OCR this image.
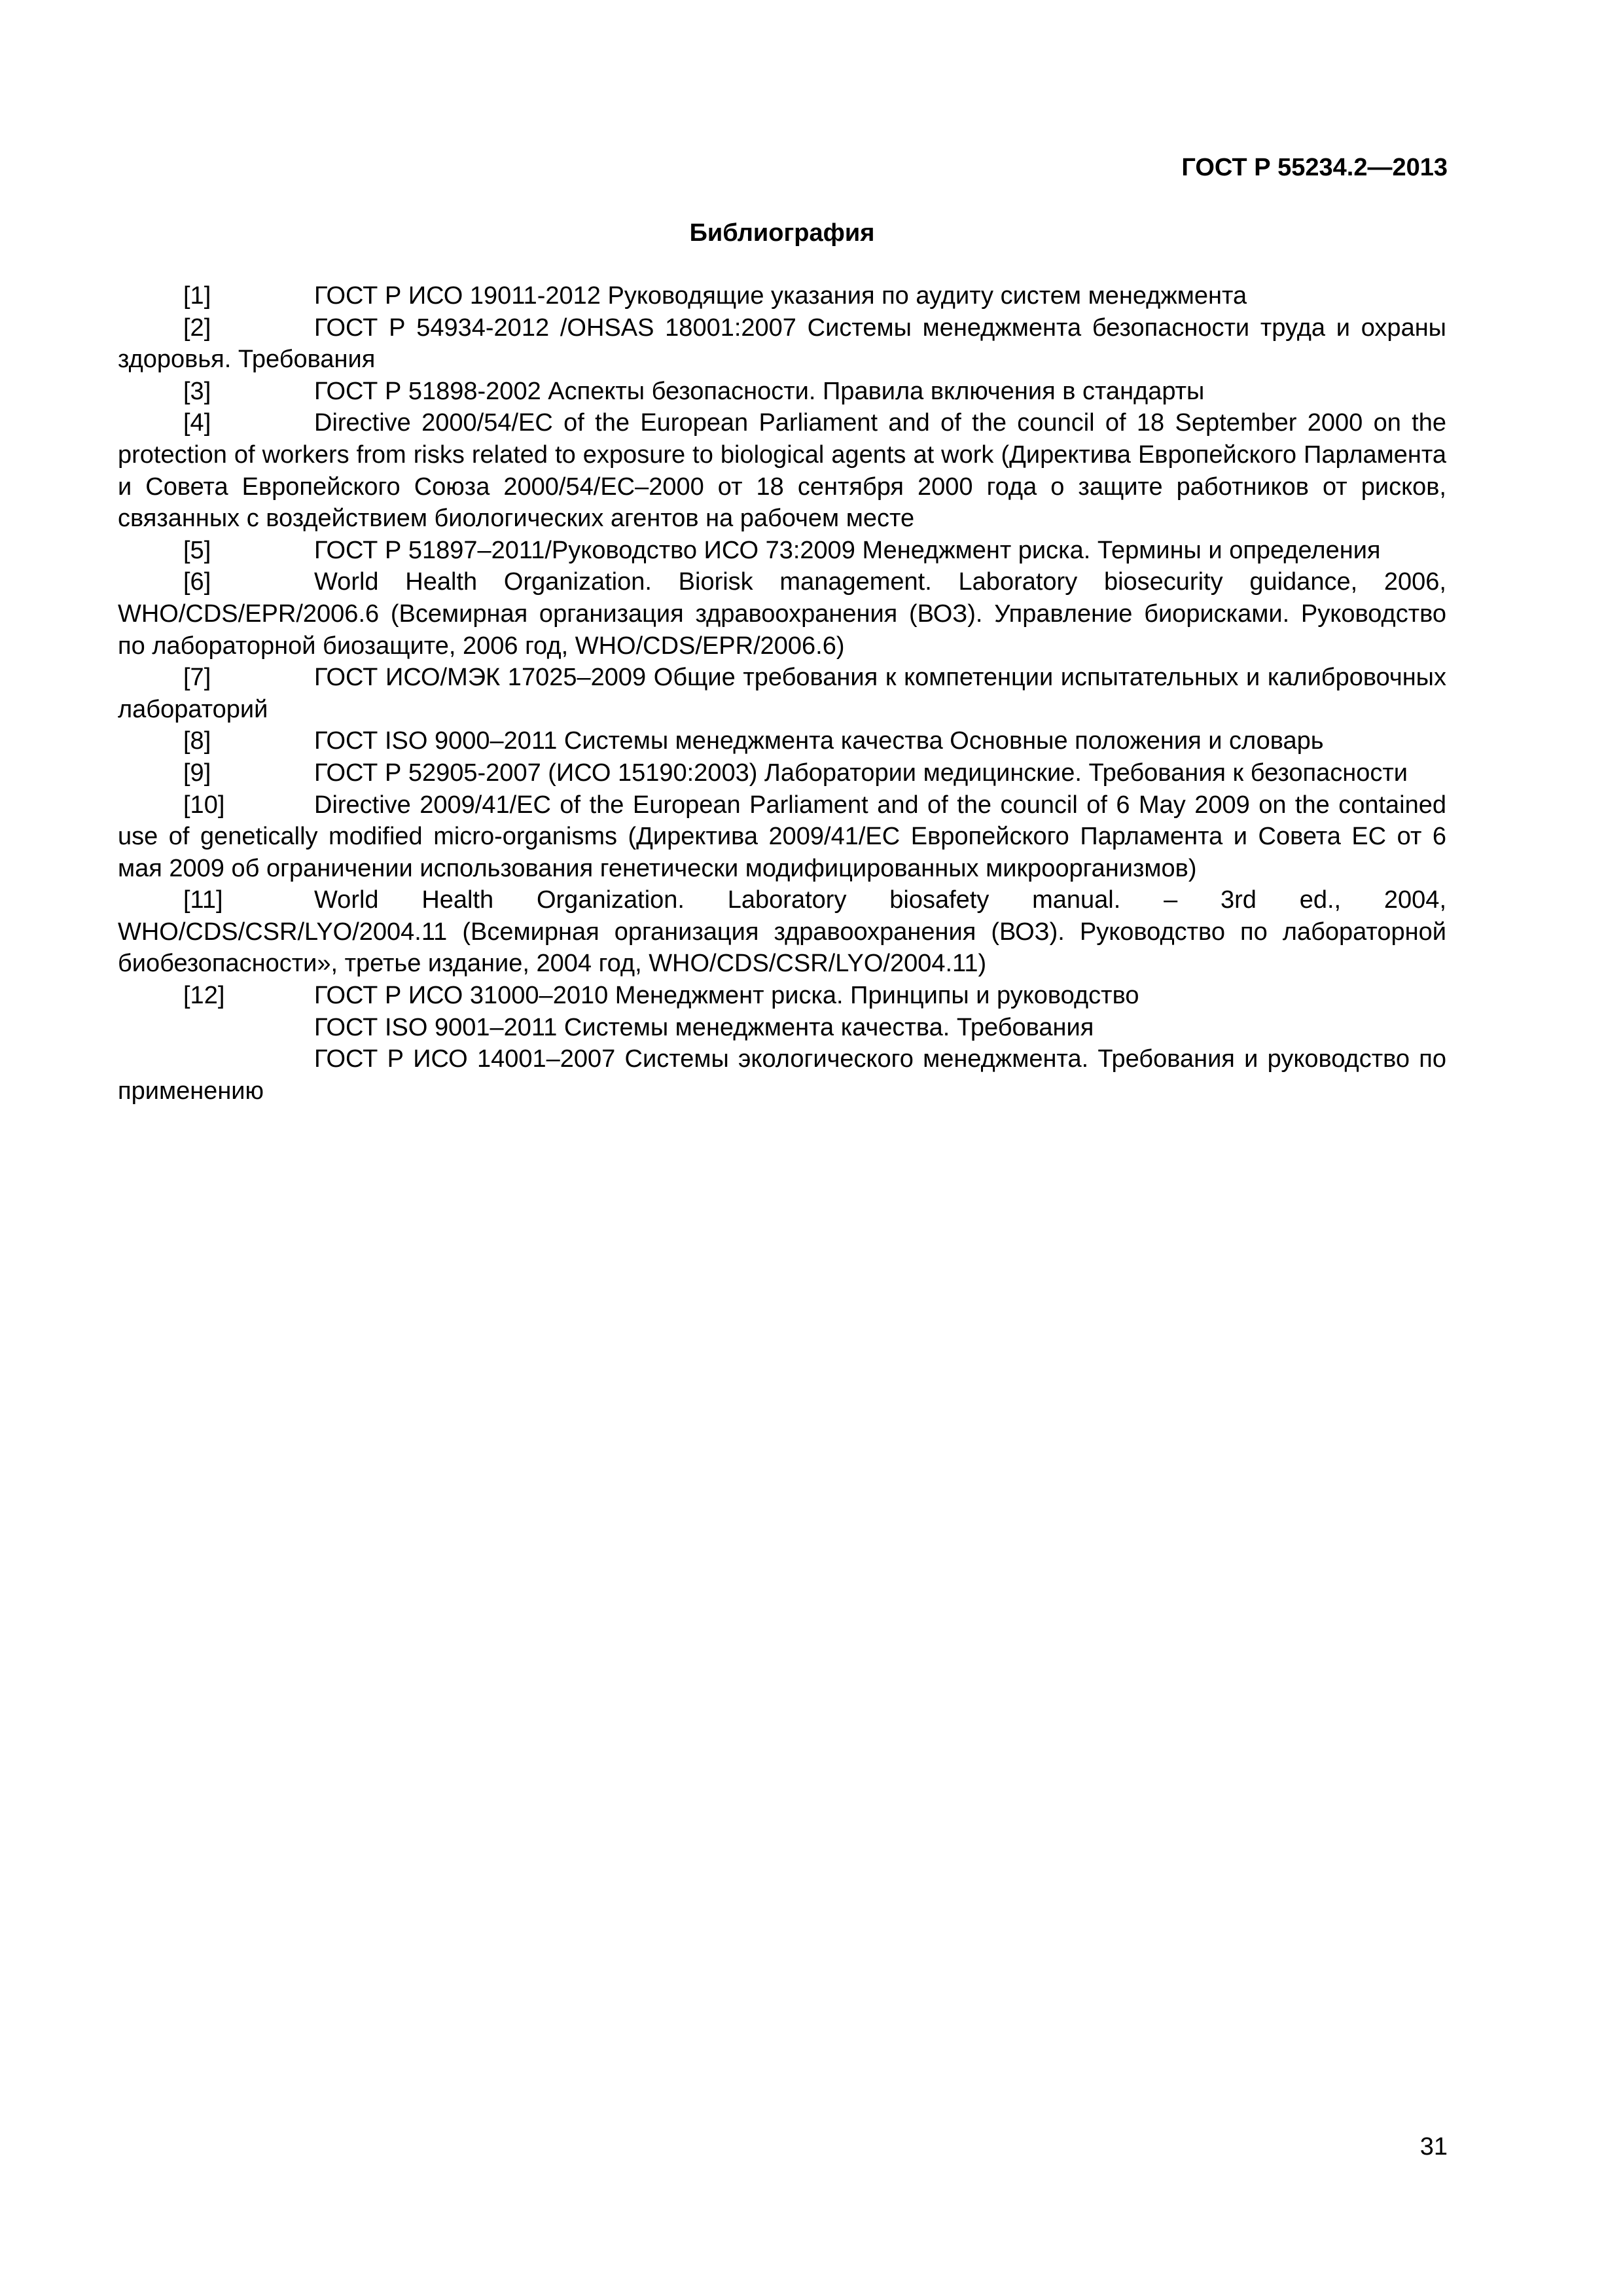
ГОСТ Р 55234.2—2013
Библиография

[1]	ГОСТ Р ИСО 19011-2012 Руководящие указания по аудиту систем менеджмента

[2]	ГОСТ Р 54934-2012 /OHSAS 18001:2007 Системы менеджмента безопасности труда и охраны здоровья. Требования

[3]	ГОСТ Р 51898-2002 Аспекты безопасности. Правила включения в стандарты

[4]	Directive 2000/54/EC of the European Parliament and of the council of 18 September 2000 on the protection of workers from risks related to exposure to biological agents at work (Директива Европейского Парламента и Совета Европейского Союза 2000/54/ЕС–2000 от 18 сентября 2000 года о защите работников от рисков, связанных с воздействием биологических агентов на рабочем месте

[5]	ГОСТ Р 51897–2011/Руководство ИСО 73:2009 Менеджмент риска. Термины и определения

[6]	World Health Organization. Biorisk management. Laboratory biosecurity guidance, 2006, WHO/CDS/EPR/2006.6 (Всемирная организация здравоохранения (ВОЗ). Управление биорисками. Руководство по лабораторной биозащите, 2006 год, WHO/CDS/EPR/2006.6)

[7]	ГОСТ ИСО/МЭК 17025–2009 Общие требования к компетенции испытательных и калибровочных лабораторий

[8]	ГОСТ ISO 9000–2011 Системы менеджмента качества Основные положения и словарь

[9]	ГОСТ Р 52905-2007 (ИСО 15190:2003) Лаборатории медицинские. Требования к безопасности

[10]	Directive 2009/41/EC of the European Parliament and of the council of 6 May 2009 on the contained use of genetically modified micro-organisms (Директива 2009/41/ЕС Европейского Парламента и Совета ЕС от 6 мая 2009 об ограничении использования генетически модифицированных микроорганизмов)

[11]	World Health Organization. Laboratory biosafety manual. – 3rd ed., 2004, WHO/CDS/CSR/LYO/2004.11 (Всемирная организация здравоохранения (ВОЗ). Руководство по лабораторной биобезопасности», третье издание, 2004 год, WHO/CDS/CSR/LYO/2004.11)

[12]	ГОСТ Р ИСО 31000–2010 Менеджмент риска. Принципы и руководство

ГОСТ ISO 9001–2011 Системы менеджмента качества. Требования

ГОСТ Р ИСО 14001–2007 Системы экологического менеджмента. Требования и руководство по применению

31
